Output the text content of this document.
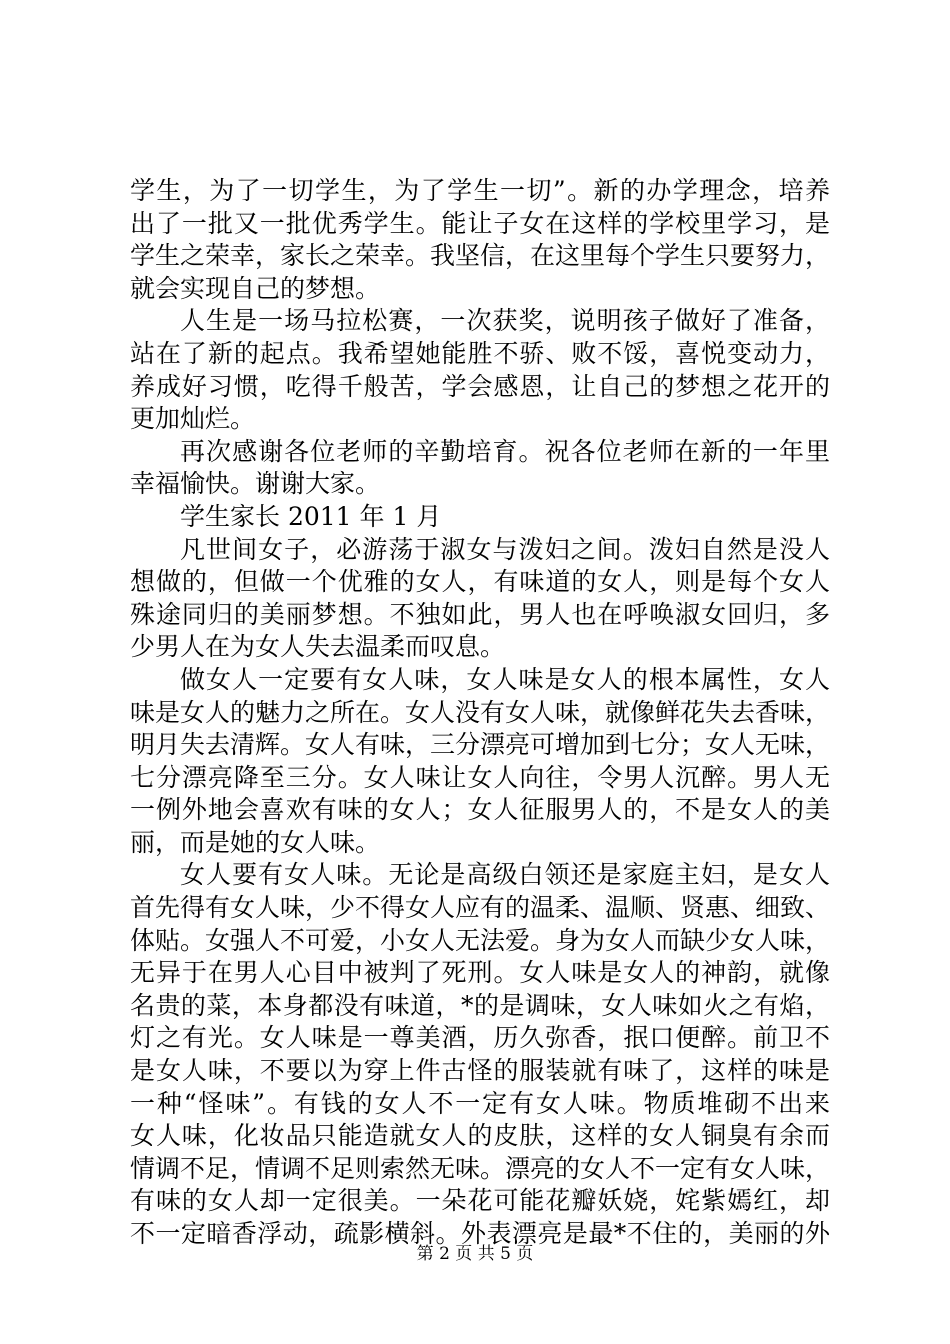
学生，为了一切学生，为了学生一切”。新的办学理念，培养
出了一批又一批优秀学生。能让子女在这样的学校里学习，是
学生之荣幸，家长之荣幸。我坚信，在这里每个学生只要努力，
就会实现自己的梦想。
人生是一场马拉松赛，一次获奖，说明孩子做好了准备，
站在了新的起点。我希望她能胜不骄、败不馁，喜悦变动力，
养成好习惯，吃得千般苦，学会感恩，让自己的梦想之花开的
更加灿烂。
再次感谢各位老师的辛勤培育。祝各位老师在新的一年里
幸福愉快。谢谢大家。
学生家长 2011 年 1 月
凡世间女子，必游荡于淑女与泼妇之间。泼妇自然是没人
想做的，但做一个优雅的女人，有味道的女人，则是每个女人
殊途同归的美丽梦想。不独如此，男人也在呼唤淑女回归，多
少男人在为女人失去温柔而叹息。
做女人一定要有女人味，女人味是女人的根本属性，女人
味是女人的魅力之所在。女人没有女人味，就像鲜花失去香味，
明月失去清辉。女人有味，三分漂亮可增加到七分；女人无味，
七分漂亮降至三分。女人味让女人向往，令男人沉醉。男人无
一例外地会喜欢有味的女人；女人征服男人的，不是女人的美
丽，而是她的女人味。
女人要有女人味。无论是高级白领还是家庭主妇，是女人
首先得有女人味，少不得女人应有的温柔、温顺、贤惠、细致、
体贴。女强人不可爱，小女人无法爱。身为女人而缺少女人味，
无异于在男人心目中被判了死刑。女人味是女人的神韵，就像
名贵的菜，本身都没有味道，*的是调味，女人味如火之有焰，
灯之有光。女人味是一尊美酒，历久弥香，抿口便醉。前卫不
是女人味，不要以为穿上件古怪的服装就有味了，这样的味是
一种“怪味”。有钱的女人不一定有女人味。物质堆砌不出来
女人味，化妆品只能造就女人的皮肤，这样的女人铜臭有余而
情调不足，情调不足则索然无味。漂亮的女人不一定有女人味，
有味的女人却一定很美。一朵花可能花瓣妖娆，姹紫嫣红，却
不一定暗香浮动，疏影横斜。外表漂亮是最*不住的，美丽的外
第 2 页 共 5 页
